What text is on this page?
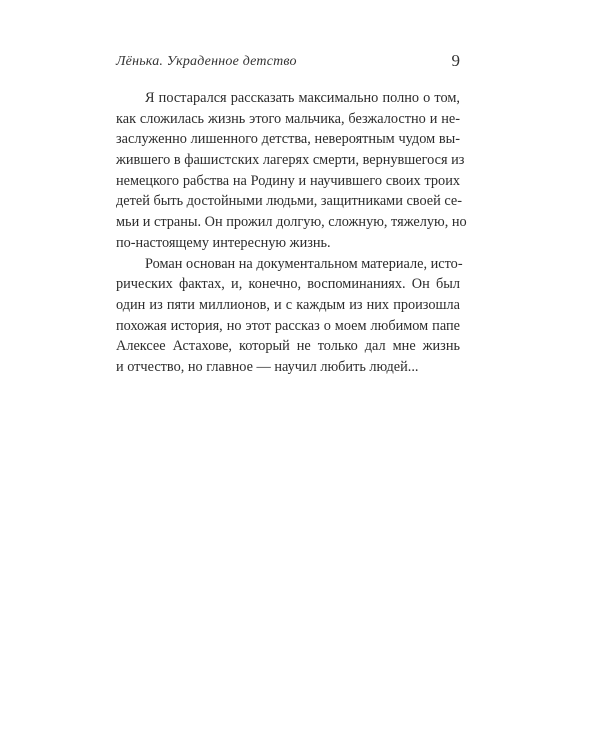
Лёнька. Украденное детство	9
Я постарался рассказать максимально полно о том,
как сложилась жизнь этого мальчика, безжалостно и не-
заслуженно лишенного детства, невероятным чудом вы-
жившего в фашистских лагерях смерти, вернувшегося из
немецкого рабства на Родину и научившего своих троих
детей быть достойными людьми, защитниками своей се-
мьи и страны. Он прожил долгую, сложную, тяжелую, но
по-настоящему интересную жизнь.
Роман основан на документальном материале, исто-
рических фактах, и, конечно, воспоминаниях. Он был
один из пяти миллионов, и с каждым из них произошла
похожая история, но этот рассказ о моем любимом папе
Алексее Астахове, который не только дал мне жизнь
и отчество, но главное — научил любить людей...
